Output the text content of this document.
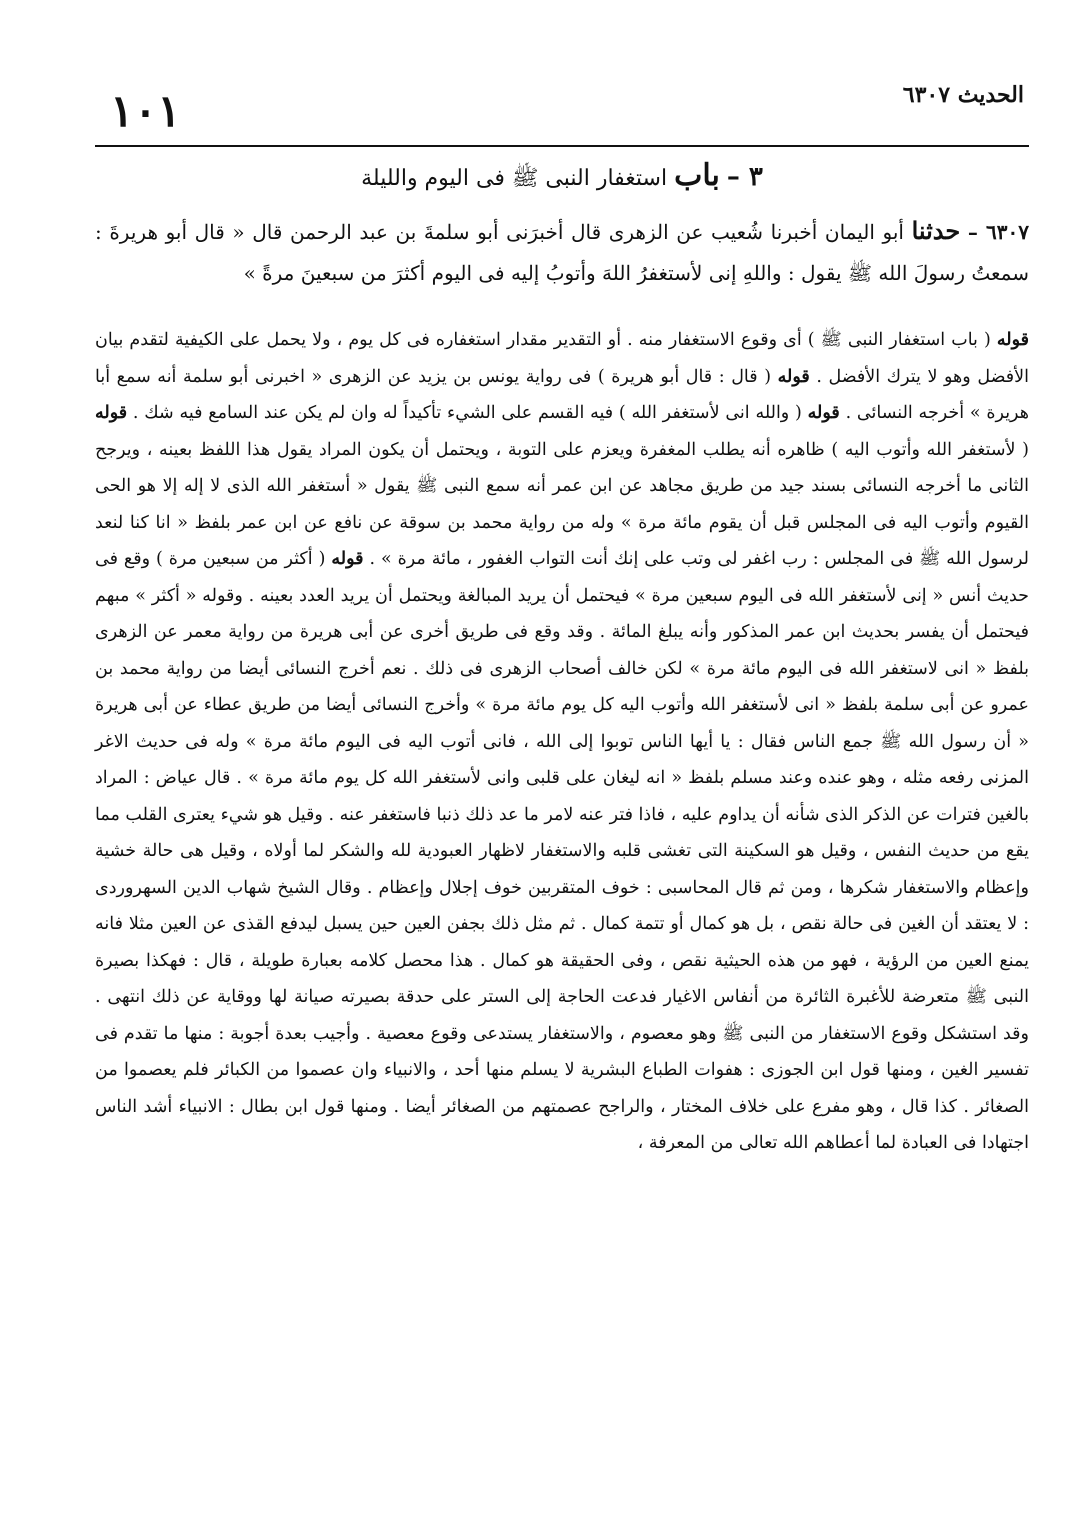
الحديث ٦٣٠٧
١٠١
٣ – باب استغفار النبى ﷺ فى اليوم والليلة
٦٣٠٧ – حدثنا أبو اليمان أخبرنا شُعيب عن الزهرى قال أخبرَنى أبو سلمةَ بن عبد الرحمن قال « قال أبو هريرةَ : سمعتُ رسولَ الله ﷺ يقول : واللهِ إنى لأستغفرُ اللهَ وأتوبُ إليه فى اليوم أكثرَ من سبعينَ مرةً »
قوله ( باب استغفار النبى ﷺ ) أى وقوع الاستغفار منه . أو التقدير مقدار استغفاره فى كل يوم ، ولا يحمل على الكيفية لتقدم بيان الأفضل وهو لا يترك الأفضل . قوله ( قال : قال أبو هريرة ) فى رواية يونس بن يزيد عن الزهرى « اخبرنى أبو سلمة أنه سمع أبا هريرة » أخرجه النسائى . قوله ( والله انى لأستغفر الله ) فيه القسم على الشيء تأكيداً له وان لم يكن عند السامع فيه شك . قوله ( لأستغفر الله وأتوب اليه ) ظاهره أنه يطلب المغفرة ويعزم على التوبة ، ويحتمل أن يكون المراد يقول هذا اللفظ بعينه ، ويرجح الثانى ما أخرجه النسائى بسند جيد من طريق مجاهد عن ابن عمر أنه سمع النبى ﷺ يقول « أستغفر الله الذى لا إله إلا هو الحى القيوم وأتوب اليه فى المجلس قبل أن يقوم مائة مرة » وله من رواية محمد بن سوقة عن نافع عن ابن عمر بلفظ « انا كنا لنعد لرسول الله ﷺ فى المجلس : رب اغفر لى وتب على إنك أنت التواب الغفور ، مائة مرة » . قوله ( أكثر من سبعين مرة ) وقع فى حديث أنس « إنى لأستغفر الله فى اليوم سبعين مرة » فيحتمل أن يريد المبالغة ويحتمل أن يريد العدد بعينه . وقوله « أكثر » مبهم فيحتمل أن يفسر بحديث ابن عمر المذكور وأنه يبلغ المائة . وقد وقع فى طريق أخرى عن أبى هريرة من رواية معمر عن الزهرى بلفظ « انى لاستغفر الله فى اليوم مائة مرة » لكن خالف أصحاب الزهرى فى ذلك . نعم أخرج النسائى أيضا من رواية محمد بن عمرو عن أبى سلمة بلفظ « انى لأستغفر الله وأتوب اليه كل يوم مائة مرة » وأخرج النسائى أيضا من طريق عطاء عن أبى هريرة « أن رسول الله ﷺ جمع الناس فقال : يا أيها الناس توبوا إلى الله ، فانى أتوب اليه فى اليوم مائة مرة » وله فى حديث الاغر المزنى رفعه مثله ، وهو عنده وعند مسلم بلفظ « انه ليغان على قلبى وانى لأستغفر الله كل يوم مائة مرة » . قال عياض : المراد بالغين فترات عن الذكر الذى شأنه أن يداوم عليه ، فاذا فتر عنه لامر ما عد ذلك ذنبا فاستغفر عنه . وقيل هو شيء يعترى القلب مما يقع من حديث النفس ، وقيل هو السكينة التى تغشى قلبه والاستغفار لاظهار العبودية لله والشكر لما أولاه ، وقيل هى حالة خشية وإعظام والاستغفار شكرها ، ومن ثم قال المحاسبى : خوف المتقربين خوف إجلال وإعظام . وقال الشيخ شهاب الدين السهروردى : لا يعتقد أن الغين فى حالة نقص ، بل هو كمال أو تتمة كمال . ثم مثل ذلك بجفن العين حين يسبل ليدفع القذى عن العين مثلا فانه يمنع العين من الرؤية ، فهو من هذه الحيثية نقص ، وفى الحقيقة هو كمال . هذا محصل كلامه بعبارة طويلة ، قال : فهكذا بصيرة النبى ﷺ متعرضة للأغبرة الثائرة من أنفاس الاغيار فدعت الحاجة إلى الستر على حدقة بصيرته صيانة لها ووقاية عن ذلك انتهى . وقد استشكل وقوع الاستغفار من النبى ﷺ وهو معصوم ، والاستغفار يستدعى وقوع معصية . وأجيب بعدة أجوبة : منها ما تقدم فى تفسير الغين ، ومنها قول ابن الجوزى : هفوات الطباع البشرية لا يسلم منها أحد ، والانبياء وان عصموا من الكبائر فلم يعصموا من الصغائر . كذا قال ، وهو مفرع على خلاف المختار ، والراجح عصمتهم من الصغائر أيضا . ومنها قول ابن بطال : الانبياء أشد الناس اجتهادا فى العبادة لما أعطاهم الله تعالى من المعرفة ،
